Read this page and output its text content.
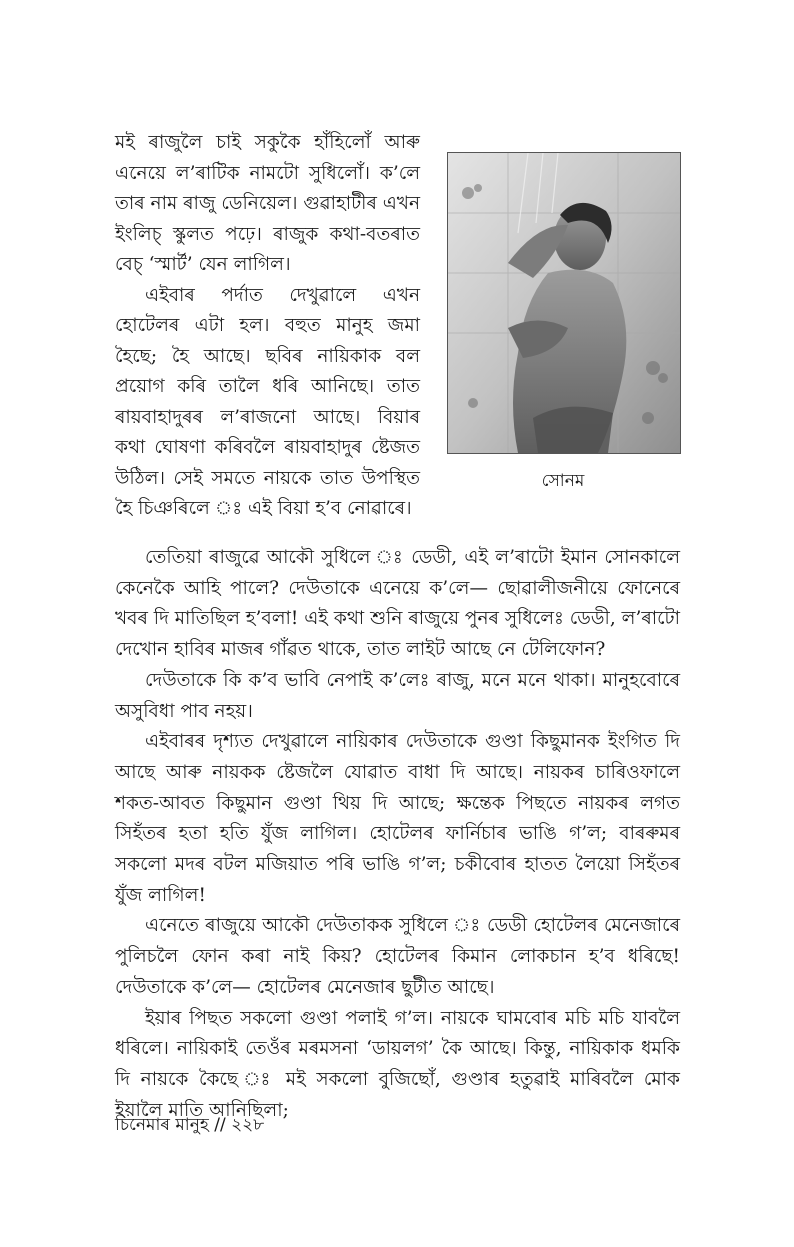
মই ৰাজুলৈ চাই সকুকৈ হাঁহিলোঁ আৰু এনেয়ে ল’ৰাটিক নামটো সুধিলোঁ। ক’লে তাৰ নাম ৰাজু ডেনিয়েল। গুৱাহাটীৰ এখন ইংলিচ্ স্কুলত পঢ়ে। ৰাজুক কথা-বতৰাত বেচ্ ‘স্মাৰ্ট’ যেন লাগিল।

এইবাৰ পৰ্দাত দেখুৱালে এখন হোটেলৰ এটা হল। বহুত মানুহ জমা হৈছে; হৈ আছে। ছবিৰ নায়িকাক বল প্ৰয়োগ কৰি তালৈ ধৰি আনিছে। তাত ৰায়বাহাদুৰৰ ল’ৰাজনো আছে। বিয়াৰ কথা ঘোষণা কৰিবলৈ ৰায়বাহাদুৰ ষ্টেজত উঠিল। সেই সমতে নায়কে তাত উপস্থিত হৈ চিঞৰিলে ঃ এই বিয়া হ’ব নোৱাৰে।

সোনম

তেতিয়া ৰাজুৱে আকৌ সুধিলে ঃ ডেডী, এই ল’ৰাটো ইমান সোনকালে কেনেকৈ আহি পালে? দেউতাকে এনেয়ে ক’লে— ছোৱালীজনীয়ে ফোনেৰে খবৰ দি মাতিছিল হ’বলা! এই কথা শুনি ৰাজুয়ে পুনৰ সুধিলেঃ ডেডী, ল’ৰাটো দেখোন হাবিৰ মাজৰ গাঁৱত থাকে, তাত লাইট আছে নে টেলিফোন?

দেউতাকে কি ক’ব ভাবি নেপাই ক’লেঃ ৰাজু, মনে মনে থাকা। মানুহবোৰে অসুবিধা পাব নহয়।

এইবাৰৰ দৃশ্যত দেখুৱালে নায়িকাৰ দেউতাকে গুণ্ডা কিছুমানক ইংগিত দি আছে আৰু নায়কক ষ্টেজলৈ যোৱাত বাধা দি আছে। নায়কৰ চাৰিওফালে শকত-আবত কিছুমান গুণ্ডা থিয় দি আছে; ক্ষন্তেক পিছতে নায়কৰ লগত সিহঁতৰ হতা হতি যুঁজ লাগিল। হোটেলৰ ফাৰ্নিচাৰ ভাঙি গ’ল; বাৰৰুমৰ সকলো মদৰ বটল মজিয়াত পৰি ভাঙি গ’ল; চকীবোৰ হাতত লৈয়ো সিহঁতৰ যুঁজ লাগিল!

এনেতে ৰাজুয়ে আকৌ দেউতাকক সুধিলে ঃ ডেডী হোটেলৰ মেনেজাৰে পুলিচলৈ ফোন কৰা নাই কিয়? হোটেলৰ কিমান লোকচান হ’ব ধৰিছে! দেউতাকে ক’লে— হোটেলৰ মেনেজাৰ ছুটীত আছে।

ইয়াৰ পিছত সকলো গুণ্ডা পলাই গ’ল। নায়কে ঘামবোৰ মচি মচি যাবলৈ ধৰিলে। নায়িকাই তেওঁৰ মৰমসনা ‘ডায়লগ’ কৈ আছে। কিন্তু, নায়িকাক ধমকি দি নায়কে কৈছে ঃ মই সকলো বুজিছোঁ, গুণ্ডাৰ হতুৱাই মাৰিবলৈ মোক ইয়ালৈ মাতি আনিছিলা;

চিনেমাৰ মানুহ // ২২৮
